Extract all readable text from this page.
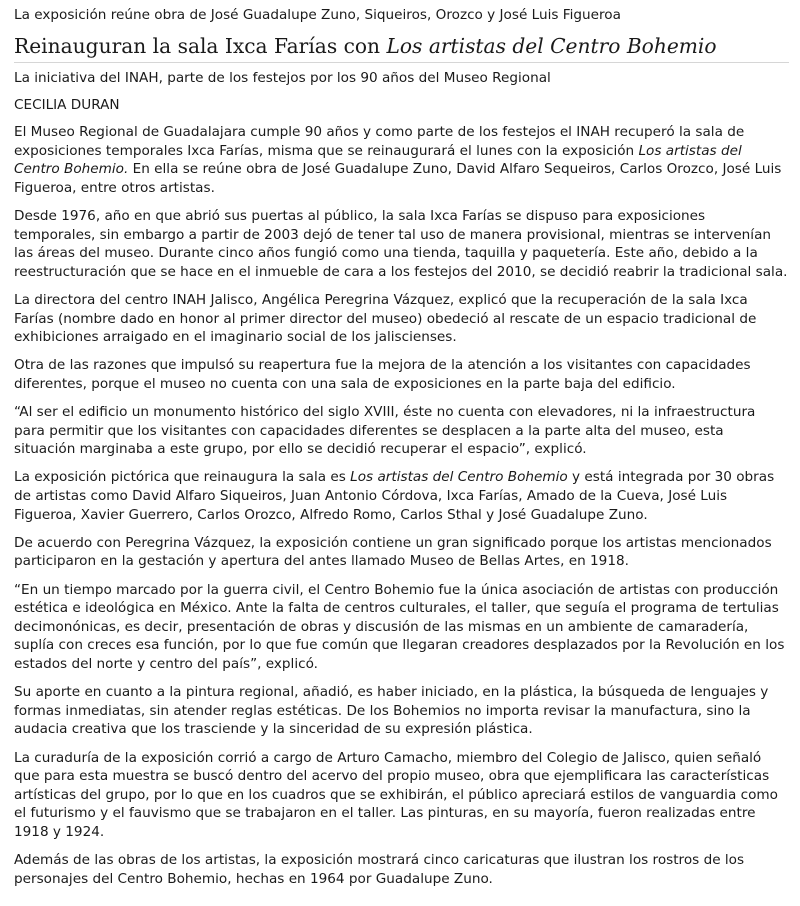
La exposición reúne obra de José Guadalupe Zuno, Siqueiros, Orozco y José Luis Figueroa

Reinauguran la sala Ixca Farías con Los artistas del Centro Bohemio

La iniciativa del INAH, parte de los festejos por los 90 años del Museo Regional

CECILIA DURAN

El Museo Regional de Guadalajara cumple 90 años y como parte de los festejos el INAH recuperó la sala de exposiciones temporales Ixca Farías, misma que se reinaugurará el lunes con la exposición Los artistas del Centro Bohemio. En ella se reúne obra de José Guadalupe Zuno, David Alfaro Sequeiros, Carlos Orozco, José Luis Figueroa, entre otros artistas.

Desde 1976, año en que abrió sus puertas al público, la sala Ixca Farías se dispuso para exposiciones temporales, sin embargo a partir de 2003 dejó de tener tal uso de manera provisional, mientras se intervenían las áreas del museo. Durante cinco años fungió como una tienda, taquilla y paquetería. Este año, debido a la reestructuración que se hace en el inmueble de cara a los festejos del 2010, se decidió reabrir la tradicional sala.

La directora del centro INAH Jalisco, Angélica Peregrina Vázquez, explicó que la recuperación de la sala Ixca Farías (nombre dado en honor al primer director del museo) obedeció al rescate de un espacio tradicional de exhibiciones arraigado en el imaginario social de los jaliscienses.

Otra de las razones que impulsó su reapertura fue la mejora de la atención a los visitantes con capacidades diferentes, porque el museo no cuenta con una sala de exposiciones en la parte baja del edificio.

“Al ser el edificio un monumento histórico del siglo XVIII, éste no cuenta con elevadores, ni la infraestructura para permitir que los visitantes con capacidades diferentes se desplacen a la parte alta del museo, esta situación marginaba a este grupo, por ello se decidió recuperar el espacio”, explicó.

La exposición pictórica que reinaugura la sala es Los artistas del Centro Bohemio y está integrada por 30 obras de artistas como David Alfaro Siqueiros, Juan Antonio Córdova, Ixca Farías, Amado de la Cueva, José Luis Figueroa, Xavier Guerrero, Carlos Orozco, Alfredo Romo, Carlos Sthal y José Guadalupe Zuno.

De acuerdo con Peregrina Vázquez, la exposición contiene un gran significado porque los artistas mencionados participaron en la gestación y apertura del antes llamado Museo de Bellas Artes, en 1918.

“En un tiempo marcado por la guerra civil, el Centro Bohemio fue la única asociación de artistas con producción estética e ideológica en México. Ante la falta de centros culturales, el taller, que seguía el programa de tertulias decimonónicas, es decir, presentación de obras y discusión de las mismas en un ambiente de camaradería, suplía con creces esa función, por lo que fue común que llegaran creadores desplazados por la Revolución en los estados del norte y centro del país”, explicó.

Su aporte en cuanto a la pintura regional, añadió, es haber iniciado, en la plástica, la búsqueda de lenguajes y formas inmediatas, sin atender reglas estéticas. De los Bohemios no importa revisar la manufactura, sino la audacia creativa que los trasciende y la sinceridad de su expresión plástica.

La curaduría de la exposición corrió a cargo de Arturo Camacho, miembro del Colegio de Jalisco, quien señaló que para esta muestra se buscó dentro del acervo del propio museo, obra que ejemplificara las características artísticas del grupo, por lo que en los cuadros que se exhibirán, el público apreciará estilos de vanguardia como el futurismo y el fauvismo que se trabajaron en el taller. Las pinturas, en su mayoría, fueron realizadas entre 1918 y 1924.

Además de las obras de los artistas, la exposición mostrará cinco caricaturas que ilustran los rostros de los personajes del Centro Bohemio, hechas en 1964 por Guadalupe Zuno.
